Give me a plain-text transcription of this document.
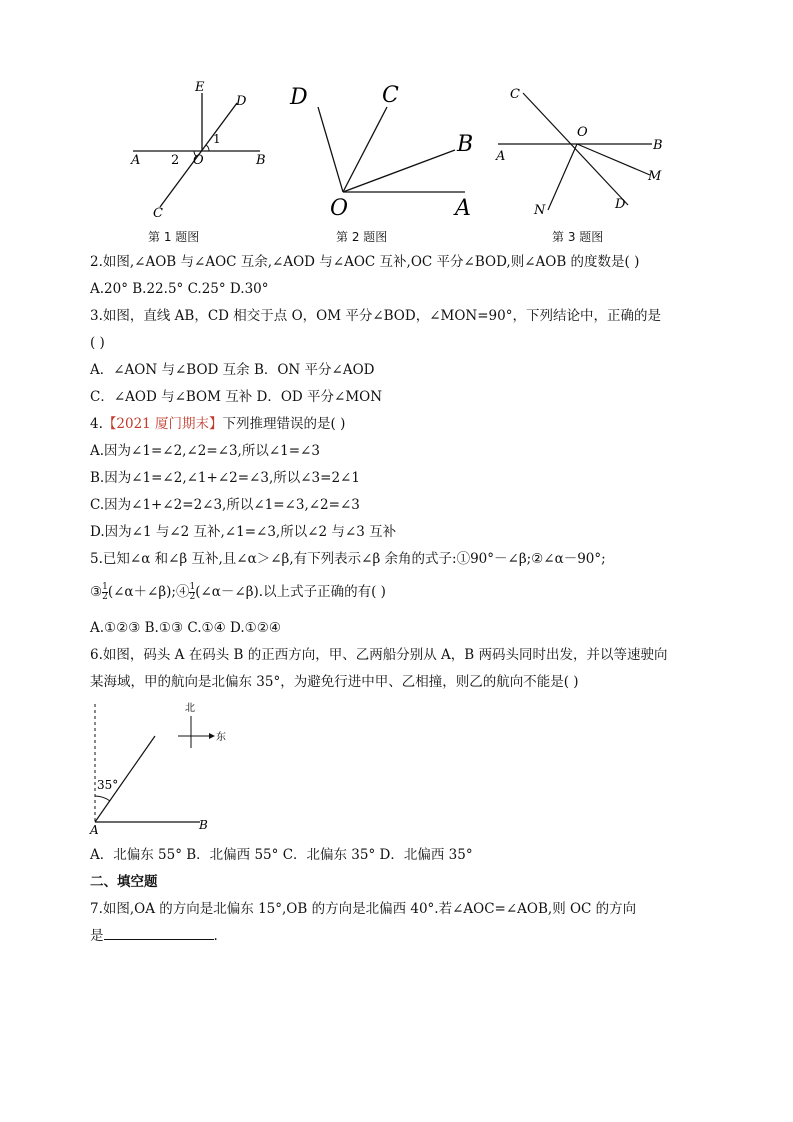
E
D
1
A 2 O	B
C
第 1 题图
D	C
B
O	A
第 2 题图
C
O
B
A
M
D
N
第 3 题图
2.如图,∠AOB 与∠AOC 互余,∠AOD 与∠AOC 互补,OC 平分∠BOD,则∠AOB 的度数是( )
A.20° B.22.5° C.25° D.30°
3.如图，直线 AB，CD 相交于点 O，OM 平分∠BOD，∠MON=90°，下列结论中，正确的是
( )
A．∠AON 与∠BOD 互余 B．ON 平分∠AOD
C．∠AOD 与∠BOM 互补 D．OD 平分∠MON
4.【2021 厦门期末】下列推理错误的是( )
A.因为∠1=∠2,∠2=∠3,所以∠1=∠3
B.因为∠1=∠2,∠1+∠2=∠3,所以∠3=2∠1
C.因为∠1+∠2=2∠3,所以∠1=∠3,∠2=∠3
D.因为∠1 与∠2 互补,∠1=∠3,所以∠2 与∠3 互补
5.已知∠α 和∠β 互补,且∠α＞∠β,有下列表示∠β 余角的式子:①90°－∠β;②∠α－90°;
③ $\frac{1}{2}$ (∠α＋∠β);④ $\frac{1}{2}$ (∠α－∠β).以上式子正确的有( )
A.①②③ B.①③ C.①④ D.①②④
6.如图，码头 A 在码头 B 的正西方向，甲、乙两船分别从 A，B 两码头同时出发，并以等速驶向
某海域，甲的航向是北偏东 35°，为避免行进中甲、乙相撞，则乙的航向不能是( )
35°
A	B
北
东
A．北偏东 55° B．北偏西 55° C．北偏东 35° D．北偏西 35°
二、填空题
7.如图,OA 的方向是北偏东 15°,OB 的方向是北偏西 40°.若∠AOC=∠AOB,则 OC 的方向
是	.
